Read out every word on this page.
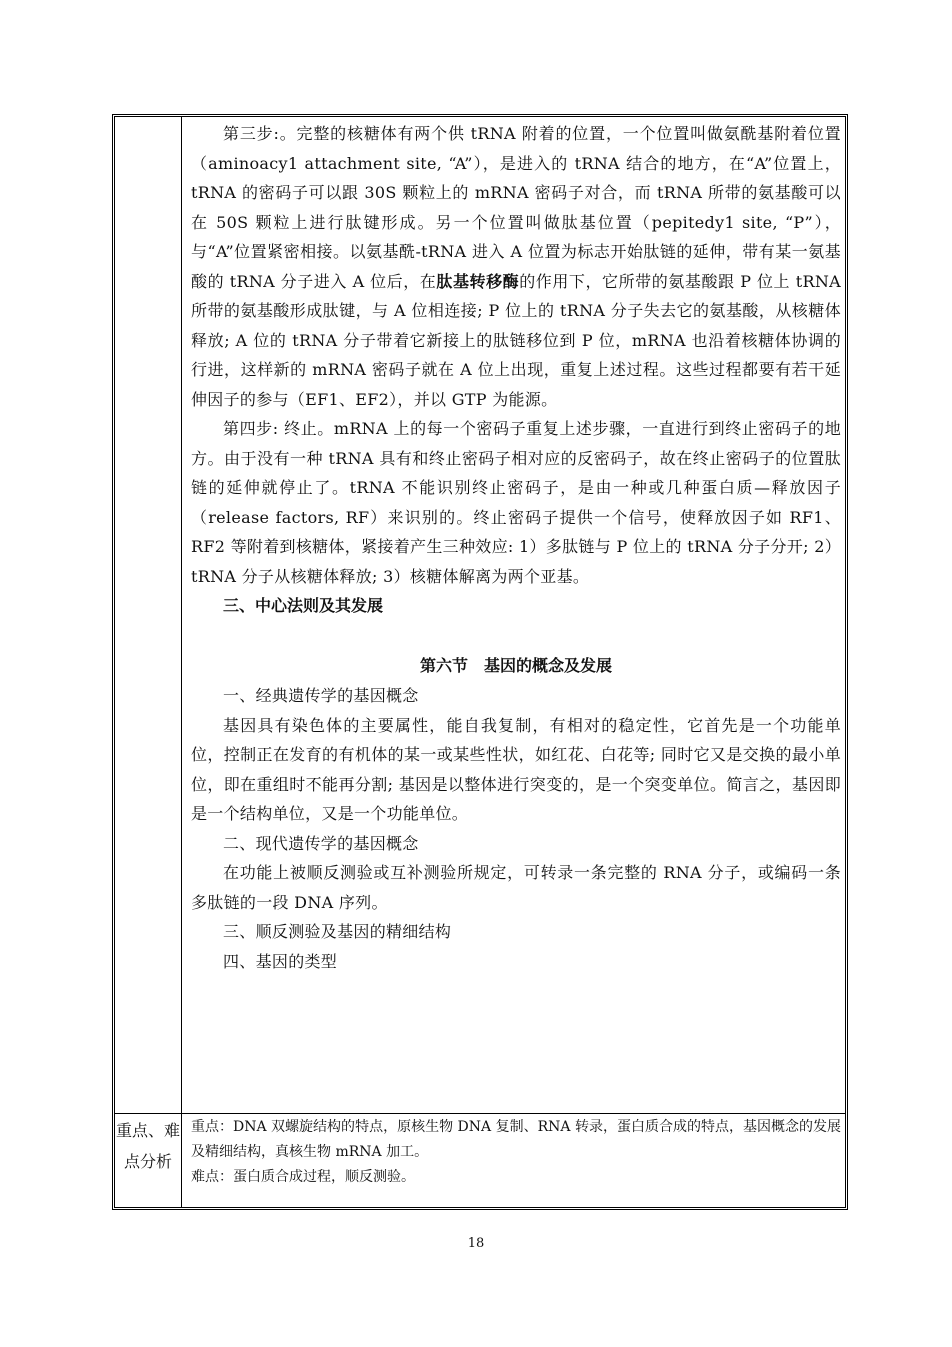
第三步:。完整的核糖体有两个供 tRNA 附着的位置，一个位置叫做氨酰基附着位置（aminoacy1 attachment site, “A”），是进入的 tRNA 结合的地方，在“A”位置上，tRNA 的密码子可以跟 30S 颗粒上的 mRNA 密码子对合，而 tRNA 所带的氨基酸可以在 50S 颗粒上进行肽键形成。另一个位置叫做肽基位置（pepitedy1 site, “P”），与“A”位置紧密相接。以氨基酰-tRNA 进入 A 位置为标志开始肽链的延伸，带有某一氨基酸的 tRNA 分子进入 A 位后，在肽基转移酶的作用下，它所带的氨基酸跟 P 位上 tRNA 所带的氨基酸形成肽键，与 A 位相连接; P 位上的 tRNA 分子失去它的氨基酸，从核糖体释放; A 位的 tRNA 分子带着它新接上的肽链移位到 P 位，mRNA 也沿着核糖体协调的行进，这样新的 mRNA 密码子就在 A 位上出现，重复上述过程。这些过程都要有若干延伸因子的参与（EF1、EF2），并以 GTP 为能源。

第四步: 终止。mRNA 上的每一个密码子重复上述步骤，一直进行到终止密码子的地方。由于没有一种 tRNA 具有和终止密码子相对应的反密码子，故在终止密码子的位置肽链的延伸就停止了。tRNA 不能识别终止密码子，是由一种或几种蛋白质—释放因子（release factors, RF）来识别的。终止密码子提供一个信号，使释放因子如 RF1、RF2 等附着到核糖体，紧接着产生三种效应: 1）多肽链与 P 位上的 tRNA 分子分开; 2）tRNA 分子从核糖体释放; 3）核糖体解离为两个亚基。

三、中心法则及其发展

第六节　基因的概念及发展

一、经典遗传学的基因概念

基因具有染色体的主要属性，能自我复制，有相对的稳定性，它首先是一个功能单位，控制正在发育的有机体的某一或某些性状，如红花、白花等; 同时它又是交换的最小单位，即在重组时不能再分割; 基因是以整体进行突变的，是一个突变单位。简言之，基因即是一个结构单位，又是一个功能单位。

二、现代遗传学的基因概念

在功能上被顺反测验或互补测验所规定，可转录一条完整的 RNA 分子，或编码一条多肽链的一段 DNA 序列。

三、顺反测验及基因的精细结构

四、基因的类型

重点、难点分析
重点：DNA 双螺旋结构的特点，原核生物 DNA 复制、RNA 转录，蛋白质合成的特点，基因概念的发展及精细结构，真核生物 mRNA 加工。
难点：蛋白质合成过程，顺反测验。
18
